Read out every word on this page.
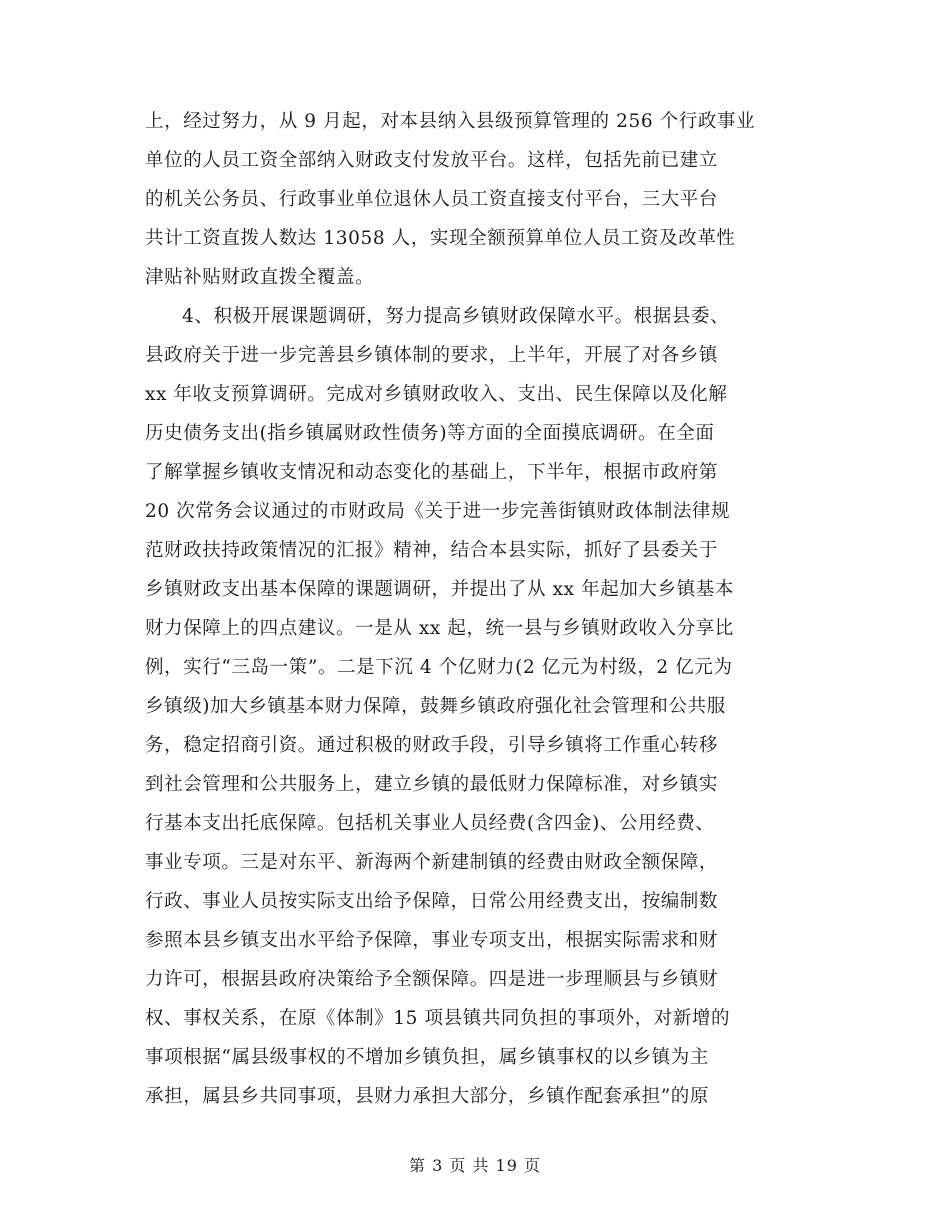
上，经过努力，从 9 月起，对本县纳入县级预算管理的 256 个行政事业
单位的人员工资全部纳入财政支付发放平台。这样，包括先前已建立
的机关公务员、行政事业单位退休人员工资直接支付平台，三大平台
共计工资直拨人数达 13058 人，实现全额预算单位人员工资及改革性
津贴补贴财政直拨全覆盖。
4、积极开展课题调研，努力提高乡镇财政保障水平。根据县委、
县政府关于进一步完善县乡镇体制的要求，上半年，开展了对各乡镇
xx 年收支预算调研。完成对乡镇财政收入、支出、民生保障以及化解
历史债务支出(指乡镇属财政性债务)等方面的全面摸底调研。在全面
了解掌握乡镇收支情况和动态变化的基础上，下半年，根据市政府第
20 次常务会议通过的市财政局《关于进一步完善街镇财政体制法律规
范财政扶持政策情况的汇报》精神，结合本县实际，抓好了县委关于
乡镇财政支出基本保障的课题调研，并提出了从 xx 年起加大乡镇基本
财力保障上的四点建议。一是从 xx 起，统一县与乡镇财政收入分享比
例，实行“三岛一策”。二是下沉 4 个亿财力(2 亿元为村级，2 亿元为
乡镇级)加大乡镇基本财力保障，鼓舞乡镇政府强化社会管理和公共服
务，稳定招商引资。通过积极的财政手段，引导乡镇将工作重心转移
到社会管理和公共服务上，建立乡镇的最低财力保障标准，对乡镇实
行基本支出托底保障。包括机关事业人员经费(含四金)、公用经费、
事业专项。三是对东平、新海两个新建制镇的经费由财政全额保障，
行政、事业人员按实际支出给予保障，日常公用经费支出，按编制数
参照本县乡镇支出水平给予保障，事业专项支出，根据实际需求和财
力许可，根据县政府决策给予全额保障。四是进一步理顺县与乡镇财
权、事权关系，在原《体制》15 项县镇共同负担的事项外，对新增的
事项根据“属县级事权的不增加乡镇负担，属乡镇事权的以乡镇为主
承担，属县乡共同事项，县财力承担大部分，乡镇作配套承担”的原
第 3 页 共 19 页
